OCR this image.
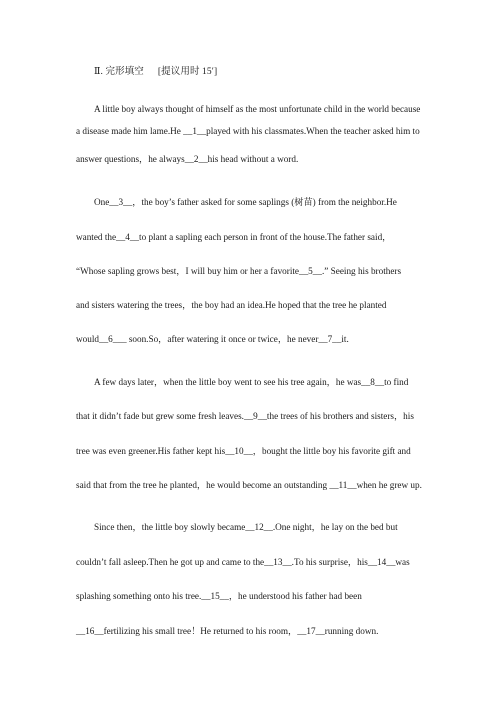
Ⅱ. 完形填空 [提议用时 15′]
A little boy always thought of himself as the most unfortunate child in the world because
a disease made him lame.He __1__played with his classmates.When the teacher asked him to
answer questions，he always__2__his head without a word.
One__3__，the boy’s father asked for some saplings (树苗) from the neighbor.He
wanted the__4__to plant a sapling each person in front of the house.The father said，
“Whose sapling grows best，I will buy him or her a favorite__5__.” Seeing his brothers
and sisters watering the trees，the boy had an idea.He hoped that the tree he planted
would__6___ soon.So，after watering it once or twice，he never__7__it.
A few days later，when the little boy went to see his tree again，he was__8__to find
that it didn’t fade but grew some fresh leaves.__9__the trees of his brothers and sisters，his
tree was even greener.His father kept his__10__，bought the little boy his favorite gift and
said that from the tree he planted，he would become an outstanding __11__when he grew up.
Since then，the little boy slowly became__12__.One night，he lay on the bed but
couldn’t fall asleep.Then he got up and came to the__13__.To his surprise，his__14__was
splashing something onto his tree.__15__，he understood his father had been
__16__fertilizing his small tree！He returned to his room，__17__running down.
